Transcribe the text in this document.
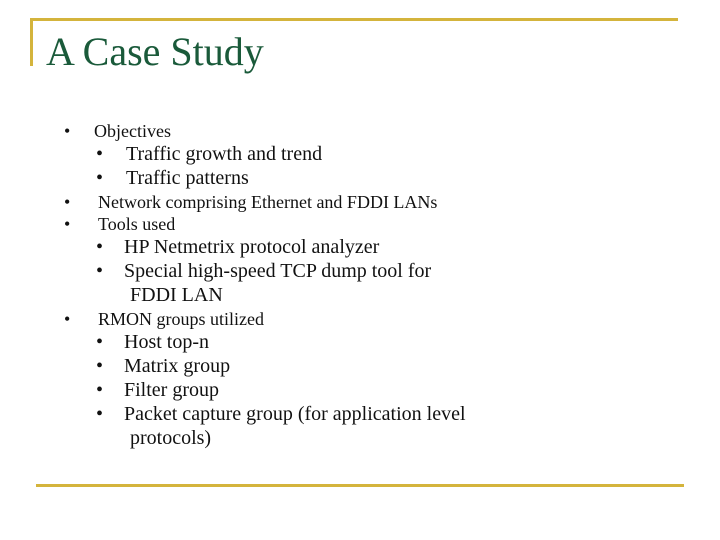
A Case Study
• Objectives
• Traffic growth and trend
• Traffic patterns
• Network comprising Ethernet and FDDI LANs
• Tools used
• HP Netmetrix protocol analyzer
• Special high-speed TCP dump tool for
FDDI LAN
• RMON groups utilized
• Host top-n
• Matrix group
• Filter group
• Packet capture group (for application level
protocols)
